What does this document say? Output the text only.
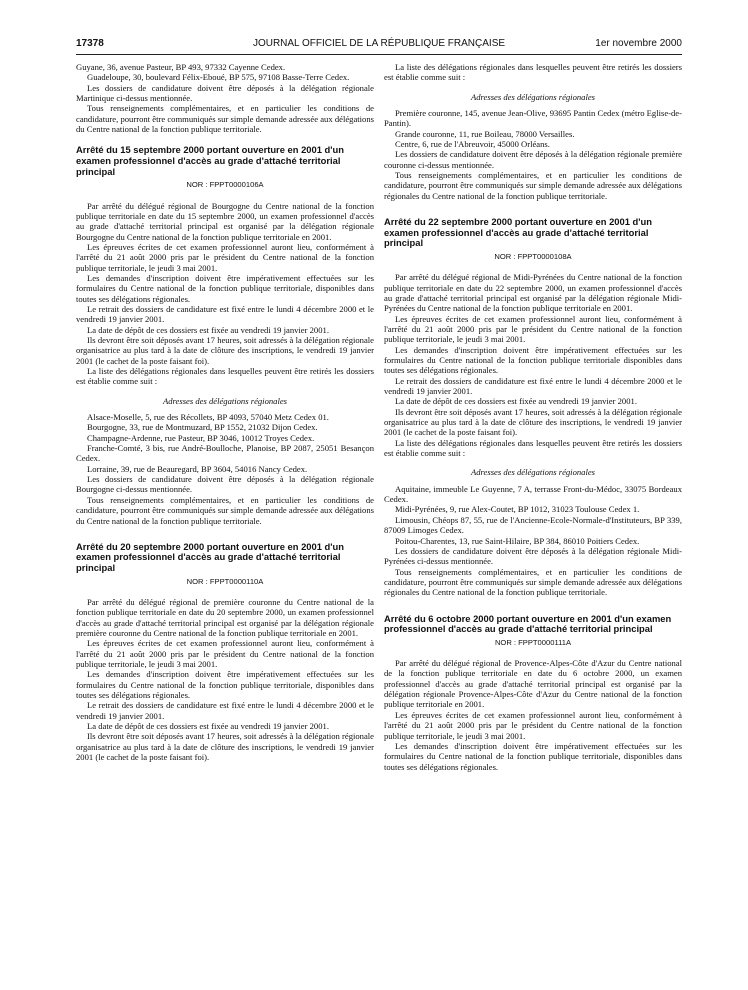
17378	JOURNAL OFFICIEL DE LA RÉPUBLIQUE FRANÇAISE	1er novembre 2000

Guyane, 36, avenue Pasteur, BP 493, 97332 Cayenne Cedex.

Guadeloupe, 30, boulevard Félix-Eboué, BP 575, 97108 Basse-Terre Cedex.

Les dossiers de candidature doivent être déposés à la délégation régionale Martinique ci-dessus mentionnée.

Tous renseignements complémentaires, et en particulier les conditions de candidature, pourront être communiqués sur simple demande adressée aux délégations du Centre national de la fonction publique territoriale.

Arrêté du 15 septembre 2000 portant ouverture en 2001 d'un examen professionnel d'accès au grade d'attaché territorial principal
NOR : FPPT0000106A

Par arrêté du délégué régional de Bourgogne du Centre national de la fonction publique territoriale en date du 15 septembre 2000, un examen professionnel d'accès au grade d'attaché territorial principal est organisé par la délégation régionale Bourgogne du Centre national de la fonction publique territoriale en 2001.

Les épreuves écrites de cet examen professionnel auront lieu, conformément à l'arrêté du 21 août 2000 pris par le président du Centre national de la fonction publique territoriale, le jeudi 3 mai 2001.

Les demandes d'inscription doivent être impérativement effectuées sur les formulaires du Centre national de la fonction publique territoriale, disponibles dans toutes ses délégations régionales.

Le retrait des dossiers de candidature est fixé entre le lundi 4 décembre 2000 et le vendredi 19 janvier 2001.

La date de dépôt de ces dossiers est fixée au vendredi 19 janvier 2001.

Ils devront être soit déposés avant 17 heures, soit adressés à la délégation régionale organisatrice au plus tard à la date de clôture des inscriptions, le vendredi 19 janvier 2001 (le cachet de la poste faisant foi).

La liste des délégations régionales dans lesquelles peuvent être retirés les dossiers est établie comme suit :

Adresses des délégations régionales

Alsace-Moselle, 5, rue des Récollets, BP 4093, 57040 Metz Cedex 01.

Bourgogne, 33, rue de Montmuzard, BP 1552, 21032 Dijon Cedex.

Champagne-Ardenne, rue Pasteur, BP 3046, 10012 Troyes Cedex.

Franche-Comté, 3 bis, rue André-Boulloche, Planoise, BP 2087, 25051 Besançon Cedex.

Lorraine, 39, rue de Beauregard, BP 3604, 54016 Nancy Cedex.

Les dossiers de candidature doivent être déposés à la délégation régionale Bourgogne ci-dessus mentionnée.

Tous renseignements complémentaires, et en particulier les conditions de candidature, pourront être communiqués sur simple demande adressée aux délégations du Centre national de la fonction publique territoriale.

Arrêté du 20 septembre 2000 portant ouverture en 2001 d'un examen professionnel d'accès au grade d'attaché territorial principal
NOR : FPPT0000110A

Par arrêté du délégué régional de première couronne du Centre national de la fonction publique territoriale en date du 20 septembre 2000, un examen professionnel d'accès au grade d'attaché territorial principal est organisé par la délégation régionale première couronne du Centre national de la fonction publique territoriale en 2001.

Les épreuves écrites de cet examen professionnel auront lieu, conformément à l'arrêté du 21 août 2000 pris par le président du Centre national de la fonction publique territoriale, le jeudi 3 mai 2001.

Les demandes d'inscription doivent être impérativement effectuées sur les formulaires du Centre national de la fonction publique territoriale, disponibles dans toutes ses délégations régionales.

Le retrait des dossiers de candidature est fixé entre le lundi 4 décembre 2000 et le vendredi 19 janvier 2001.

La date de dépôt de ces dossiers est fixée au vendredi 19 janvier 2001.

Ils devront être soit déposés avant 17 heures, soit adressés à la délégation régionale organisatrice au plus tard à la date de clôture des inscriptions, le vendredi 19 janvier 2001 (le cachet de la poste faisant foi).

La liste des délégations régionales dans lesquelles peuvent être retirés les dossiers est établie comme suit :

Adresses des délégations régionales

Première couronne, 145, avenue Jean-Olive, 93695 Pantin Cedex (métro Eglise-de-Pantin).

Grande couronne, 11, rue Boileau, 78000 Versailles.

Centre, 6, rue de l'Abreuvoir, 45000 Orléans.

Les dossiers de candidature doivent être déposés à la délégation régionale première couronne ci-dessus mentionnée.

Tous renseignements complémentaires, et en particulier les conditions de candidature, pourront être communiqués sur simple demande adressée aux délégations régionales du Centre national de la fonction publique territoriale.

Arrêté du 22 septembre 2000 portant ouverture en 2001 d'un examen professionnel d'accès au grade d'attaché territorial principal
NOR : FPPT0000108A

Par arrêté du délégué régional de Midi-Pyrénées du Centre national de la fonction publique territoriale en date du 22 septembre 2000, un examen professionnel d'accès au grade d'attaché territorial principal est organisé par la délégation régionale Midi-Pyrénées du Centre national de la fonction publique territoriale en 2001.

Les épreuves écrites de cet examen professionnel auront lieu, conformément à l'arrêté du 21 août 2000 pris par le président du Centre national de la fonction publique territoriale, le jeudi 3 mai 2001.

Les demandes d'inscription doivent être impérativement effectuées sur les formulaires du Centre national de la fonction publique territoriale disponibles dans toutes ses délégations régionales.

Le retrait des dossiers de candidature est fixé entre le lundi 4 décembre 2000 et le vendredi 19 janvier 2001.

La date de dépôt de ces dossiers est fixée au vendredi 19 janvier 2001.

Ils devront être soit déposés avant 17 heures, soit adressés à la délégation régionale organisatrice au plus tard à la date de clôture des inscriptions, le vendredi 19 janvier 2001 (le cachet de la poste faisant foi).

La liste des délégations régionales dans lesquelles peuvent être retirés les dossiers est établie comme suit :

Adresses des délégations régionales

Aquitaine, immeuble Le Guyenne, 7 A, terrasse Front-du-Médoc, 33075 Bordeaux Cedex.

Midi-Pyrénées, 9, rue Alex-Coutet, BP 1012, 31023 Toulouse Cedex 1.

Limousin, Chéops 87, 55, rue de l'Ancienne-Ecole-Normale-d'Instituteurs, BP 339, 87009 Limoges Cedex.

Poitou-Charentes, 13, rue Saint-Hilaire, BP 384, 86010 Poitiers Cedex.

Les dossiers de candidature doivent être déposés à la délégation régionale Midi-Pyrénées ci-dessus mentionnée.

Tous renseignements complémentaires, et en particulier les conditions de candidature, pourront être communiqués sur simple demande adressée aux délégations régionales du Centre national de la fonction publique territoriale.

Arrêté du 6 octobre 2000 portant ouverture en 2001 d'un examen professionnel d'accès au grade d'attaché territorial principal
NOR : FPPT0000111A

Par arrêté du délégué régional de Provence-Alpes-Côte d'Azur du Centre national de la fonction publique territoriale en date du 6 octobre 2000, un examen professionnel d'accès au grade d'attaché territorial principal est organisé par la délégation régionale Provence-Alpes-Côte d'Azur du Centre national de la fonction publique territoriale en 2001.

Les épreuves écrites de cet examen professionnel auront lieu, conformément à l'arrêté du 21 août 2000 pris par le président du Centre national de la fonction publique territoriale, le jeudi 3 mai 2001.

Les demandes d'inscription doivent être impérativement effectuées sur les formulaires du Centre national de la fonction publique territoriale, disponibles dans toutes ses délégations régionales.
